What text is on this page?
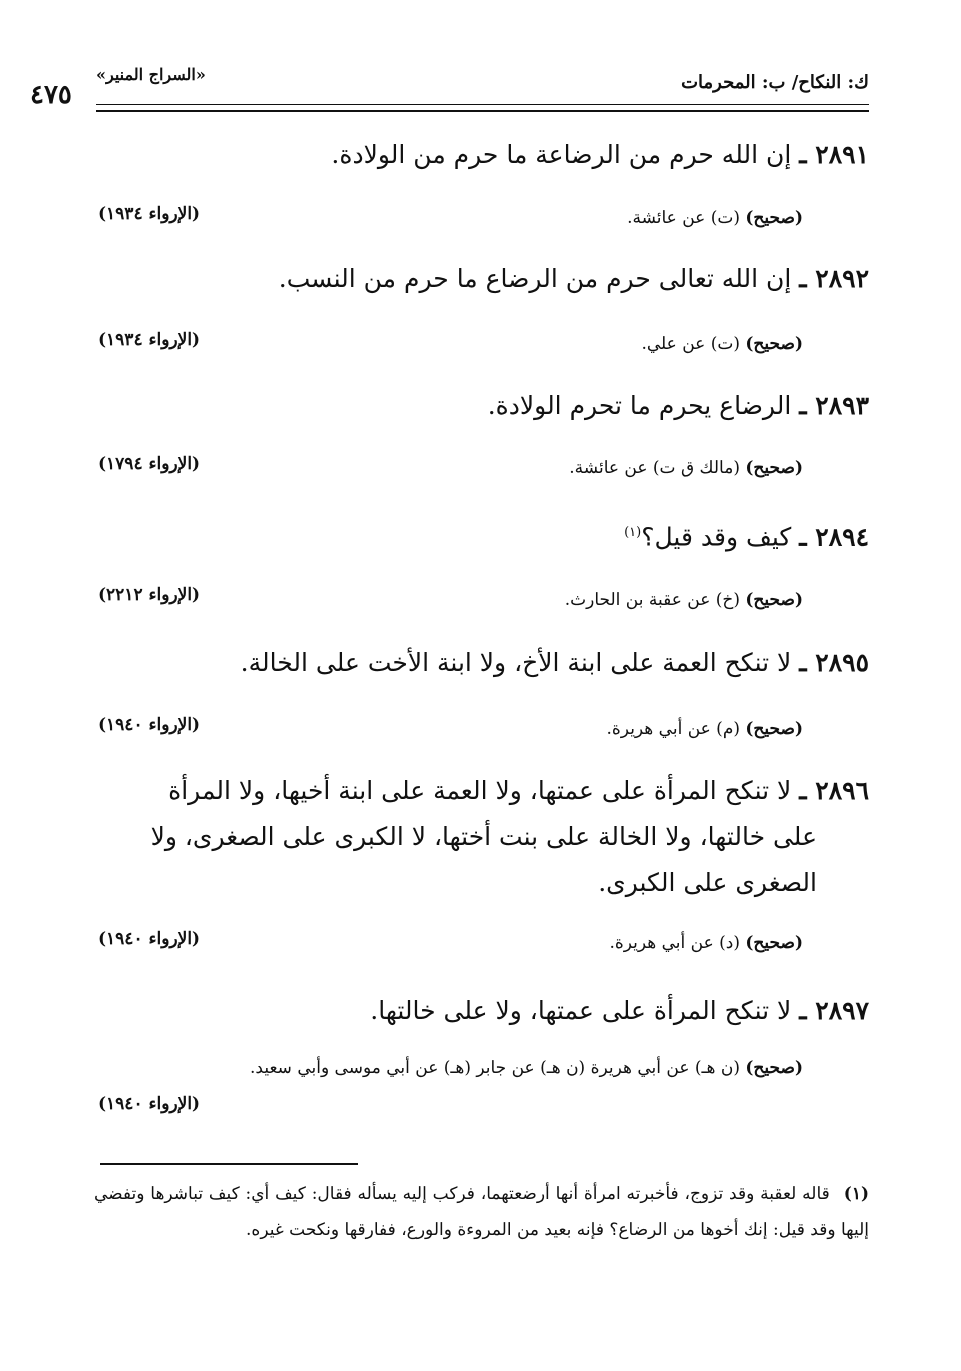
ك: النكاح/ ب: المحرمات
«السراج المنير»
٤٧٥
٢٨٩١ ـ إن الله حرم من الرضاعة ما حرم من الولادة.
(صحيح) (ت) عن عائشة.
(الإرواء ١٩٣٤)
٢٨٩٢ ـ إن الله تعالى حرم من الرضاع ما حرم من النسب.
(صحيح) (ت) عن علي.
(الإرواء ١٩٣٤)
٢٨٩٣ ـ الرضاع يحرم ما تحرم الولادة.
(صحيح) (مالك ق ت) عن عائشة.
(الإرواء ١٧٩٤)
٢٨٩٤ ـ كيف وقد قيل؟$^{(١)}$
(صحيح) (خ) عن عقبة بن الحارث.
(الإرواء ٢٢١٢)
٢٨٩٥ ـ لا تنكح العمة على ابنة الأخ، ولا ابنة الأخت على الخالة.
(صحيح) (م) عن أبي هريرة.
(الإرواء ١٩٤٠)
٢٨٩٦ ـ لا تنكح المرأة على عمتها، ولا العمة على ابنة أخيها، ولا المرأة
على خالتها، ولا الخالة على بنت أختها، لا الكبرى على الصغرى، ولا
الصغرى على الكبرى.
(صحيح) (د) عن أبي هريرة.
(الإرواء ١٩٤٠)
٢٨٩٧ ـ لا تنكح المرأة على عمتها، ولا على خالتها.
(صحيح) (ن هـ) عن أبي هريرة (ن هـ) عن جابر (هـ) عن أبي موسى وأبي سعيد.
(الإرواء ١٩٤٠)
(١)قاله لعقبة وقد تزوج، فأخبرته امرأة أنها أرضعتهما، فركب إليه يسأله فقال: كيف أي: كيف تباشرها وتفضي إليها وقد قيل: إنك أخوها من الرضاع؟ فإنه بعيد من المروءة والورع، ففارقها ونكحت غيره.
